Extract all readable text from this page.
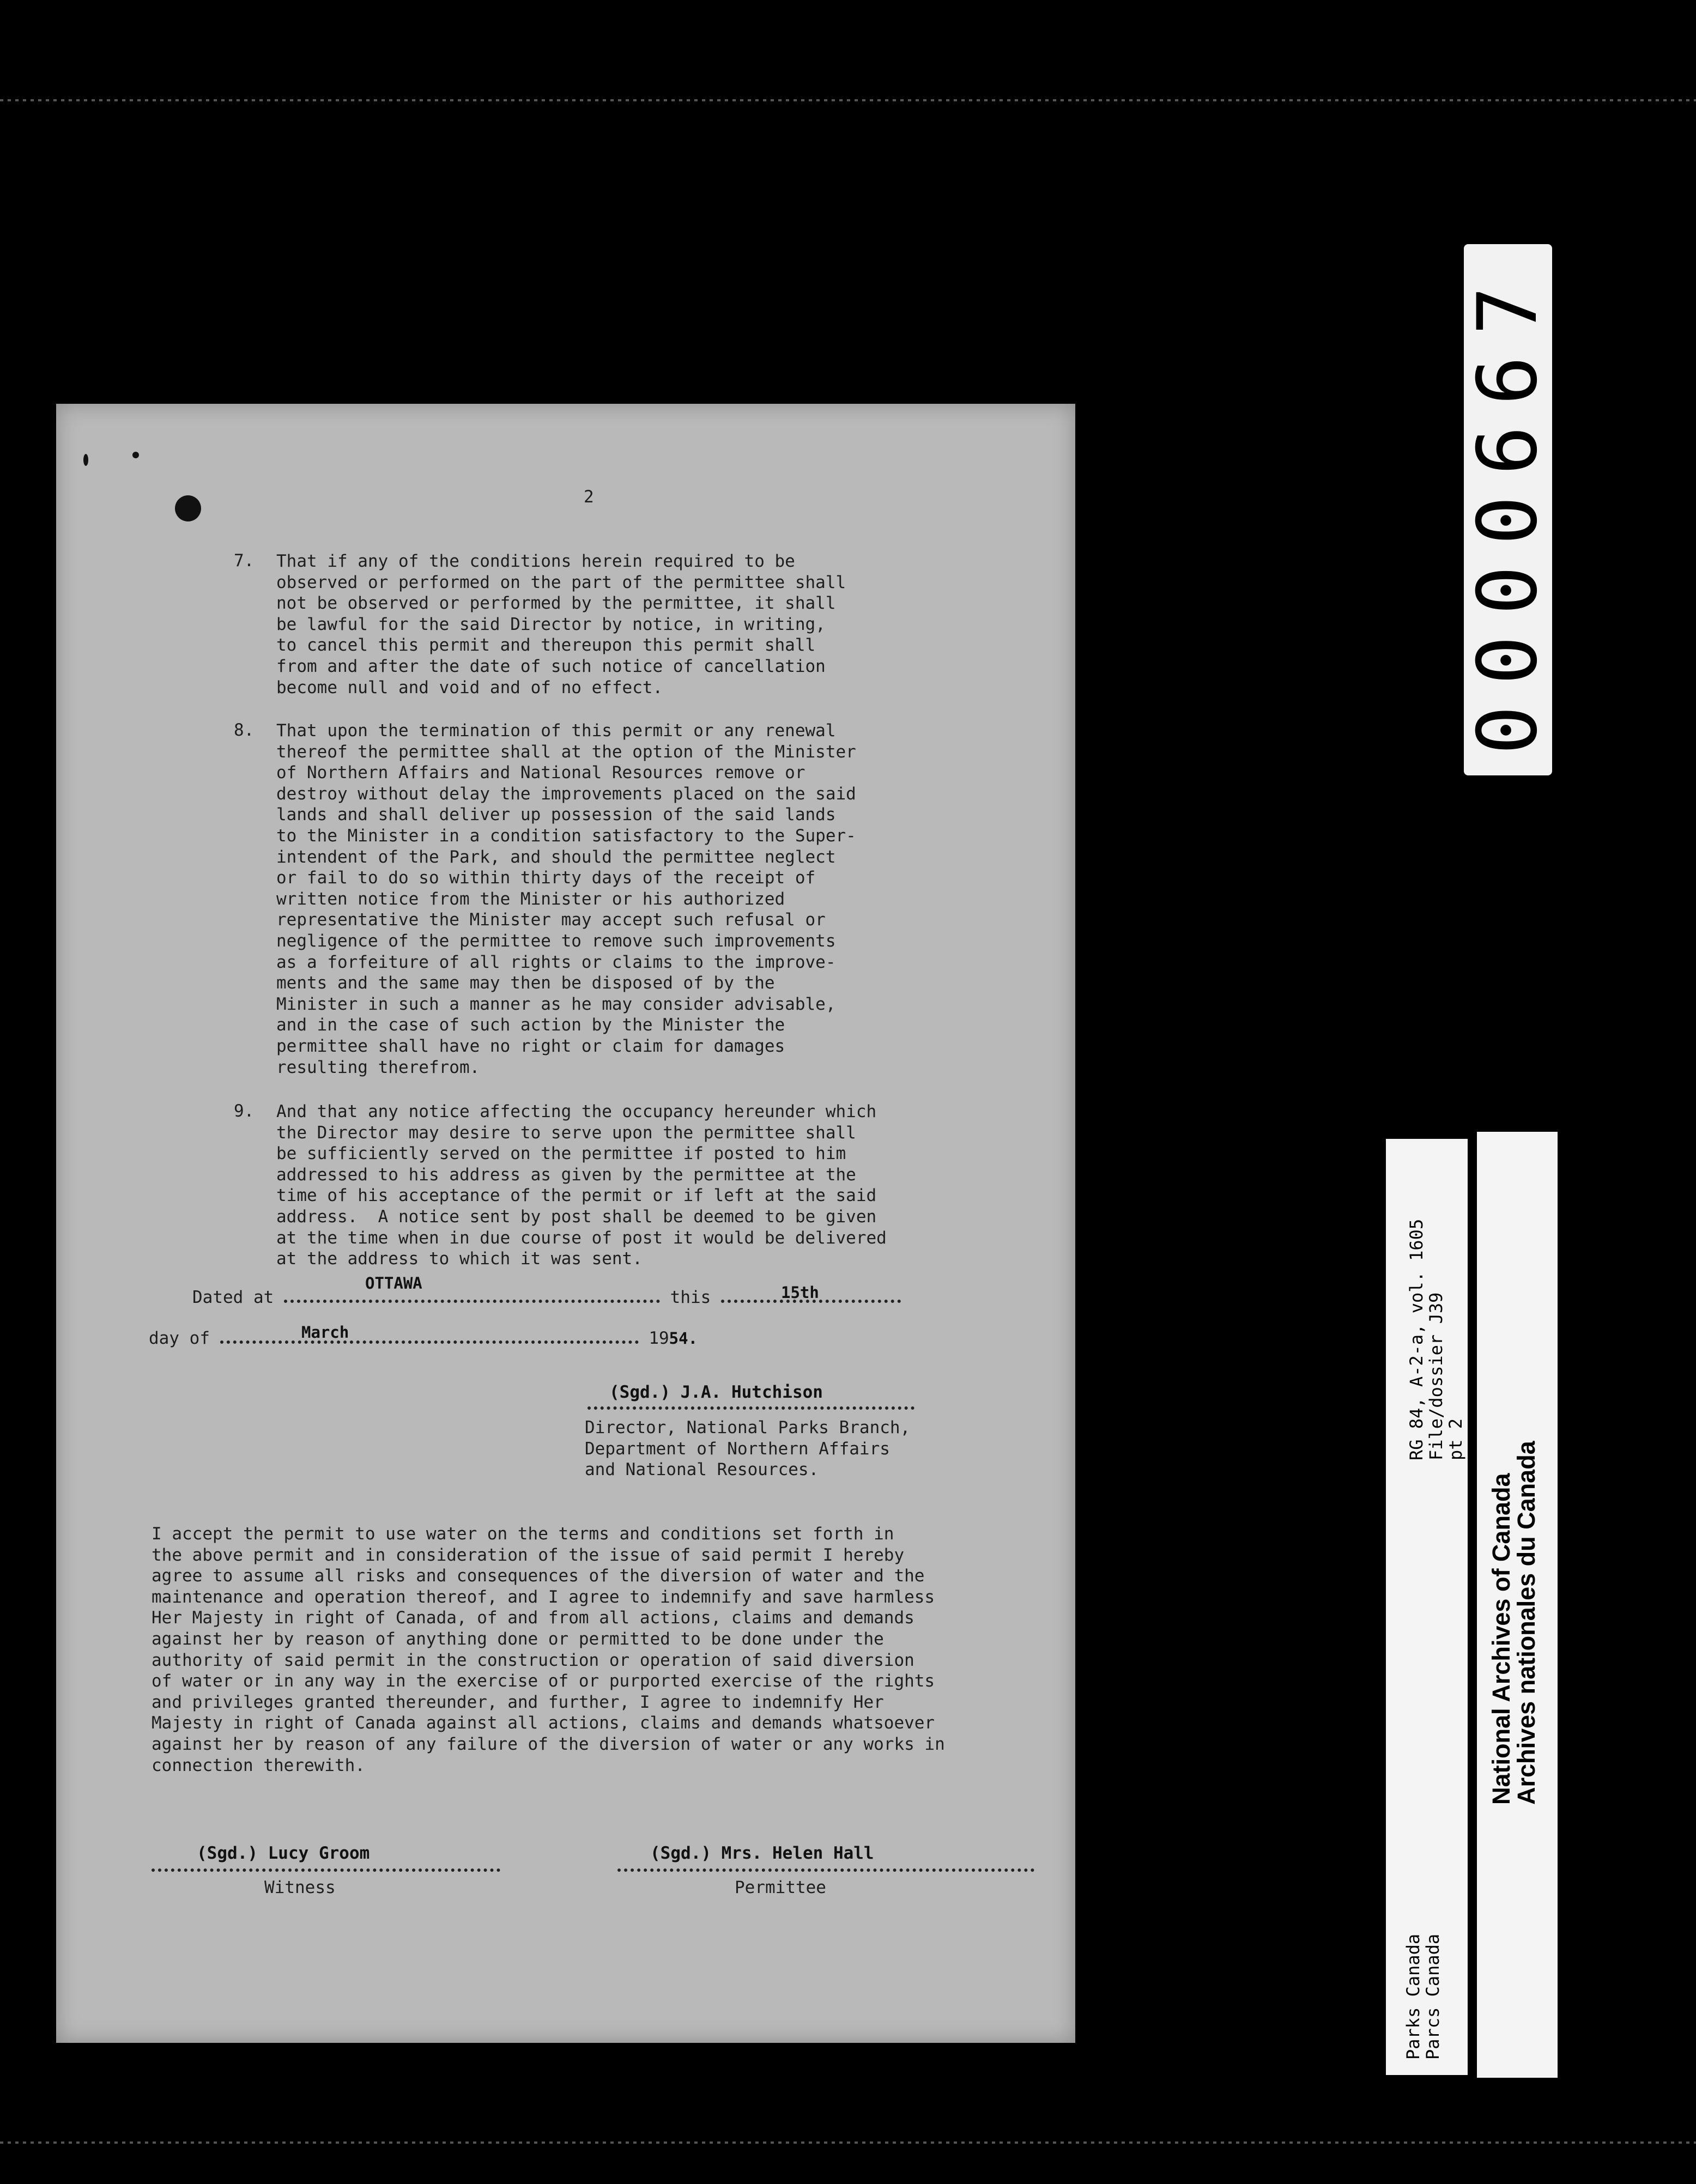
2
7. That if any of the conditions herein required to be
observed or performed on the part of the permittee shall
not be observed or performed by the permittee, it shall
be lawful for the said Director by notice, in writing,
to cancel this permit and thereupon this permit shall
from and after the date of such notice of cancellation
become null and void and of no effect.
8. That upon the termination of this permit or any renewal
thereof the permittee shall at the option of the Minister
of Northern Affairs and National Resources remove or
destroy without delay the improvements placed on the said
lands and shall deliver up possession of the said lands
to the Minister in a condition satisfactory to the Super-
intendent of the Park, and should the permittee neglect
or fail to do so within thirty days of the receipt of
written notice from the Minister or his authorized
representative the Minister may accept such refusal or
negligence of the permittee to remove such improvements
as a forfeiture of all rights or claims to the improve-
ments and the same may then be disposed of by the
Minister in such a manner as he may consider advisable,
and in the case of such action by the Minister the
permittee shall have no right or claim for damages
resulting therefrom.
9. And that any notice affecting the occupancy hereunder which
the Director may desire to serve upon the permittee shall
be sufficiently served on the permittee if posted to him
addressed to his address as given by the permittee at the
time of his acceptance of the permit or if left at the said
address.  A notice sent by post shall be deemed to be given
at the time when in due course of post it would be delivered
at the address to which it was sent.
Dated at	this
OTTAWA	15th
day of	1954.
March
(Sgd.) J.A. Hutchison
Director, National Parks Branch,
Department of Northern Affairs
and National Resources.
I accept the permit to use water on the terms and conditions set forth in
the above permit and in consideration of the issue of said permit I hereby
agree to assume all risks and consequences of the diversion of water and the
maintenance and operation thereof, and I agree to indemnify and save harmless
Her Majesty in right of Canada, of and from all actions, claims and demands
against her by reason of anything done or permitted to be done under the
authority of said permit in the construction or operation of said diversion
of water or in any way in the exercise of or purported exercise of the rights
and privileges granted thereunder, and further, I agree to indemnify Her
Majesty in right of Canada against all actions, claims and demands whatsoever
against her by reason of any failure of the diversion of water or any works in
connection therewith.
(Sgd.) Lucy Groom
Witness
(Sgd.) Mrs. Helen Hall
Permittee
0000667
RG 84, A-2-a, vol. 1605
File/dossier J39
pt 2
Parks Canada
Parcs Canada
National Archives of Canada
Archives nationales du Canada
